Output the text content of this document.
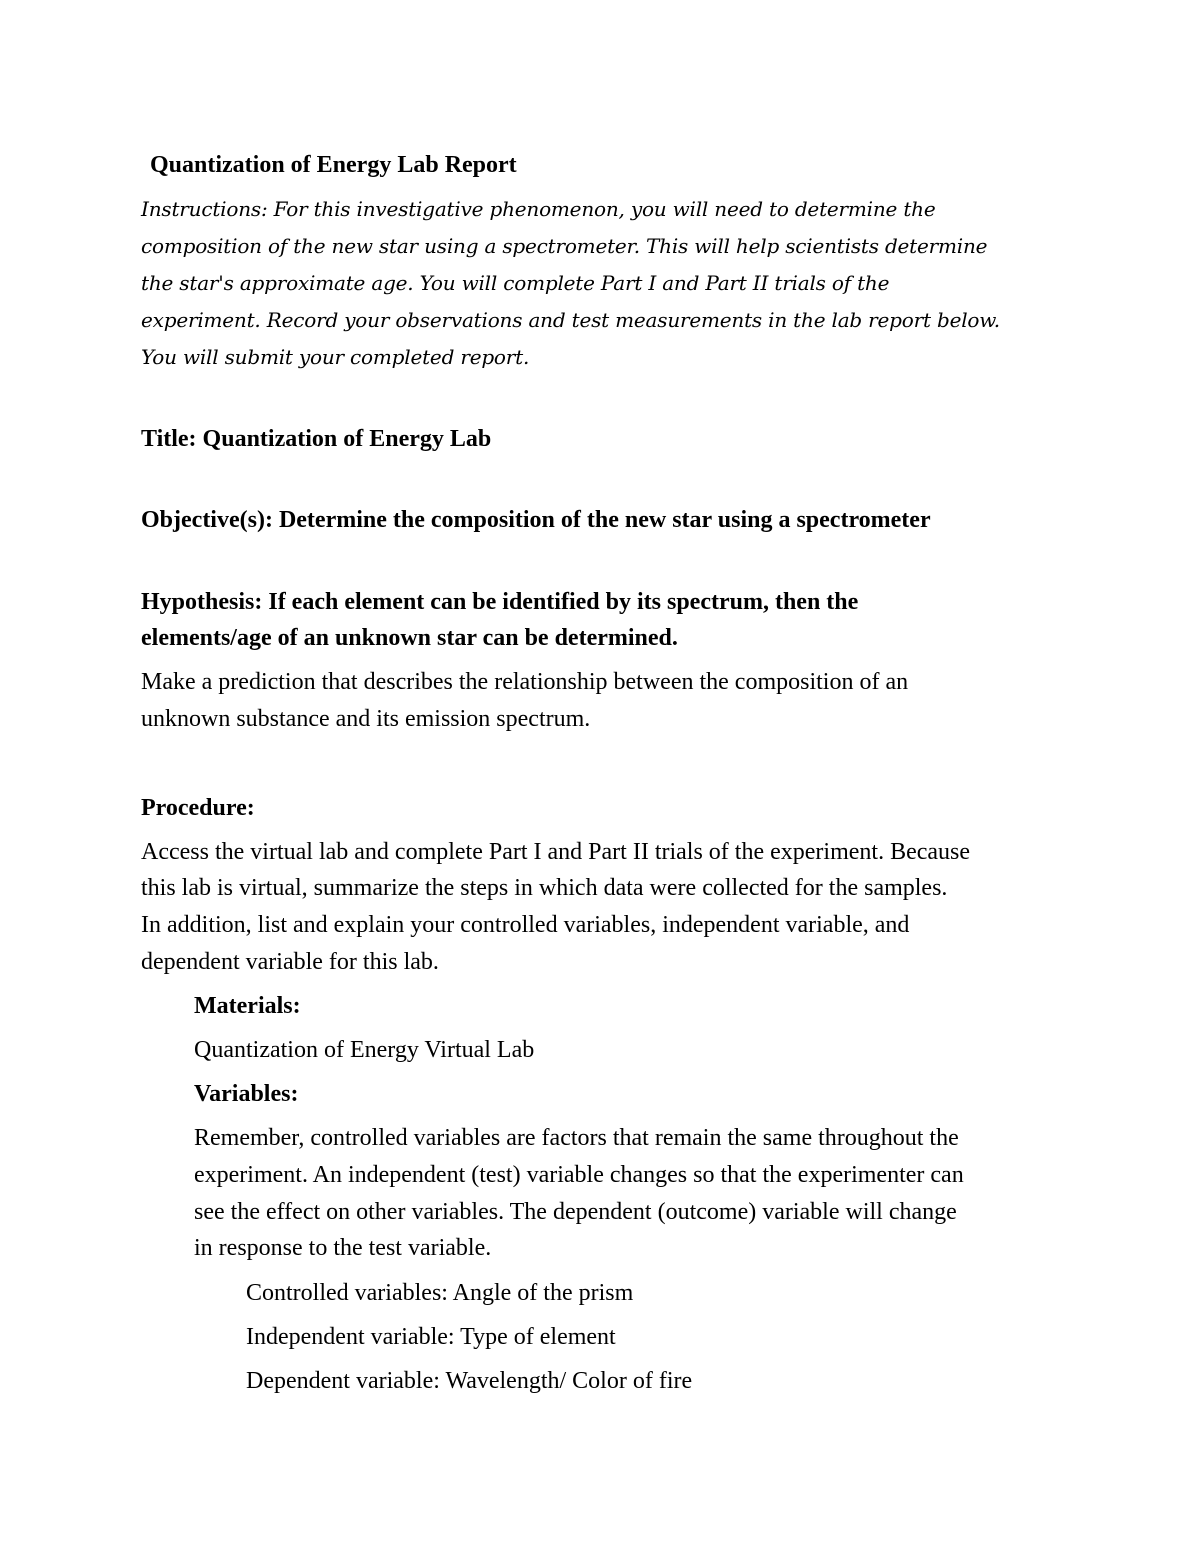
Quantization of Energy Lab Report
Instructions: For this investigative phenomenon, you will need to determine the
composition of the new star using a spectrometer. This will help scientists determine
the star's approximate age. You will complete Part I and Part II trials of the
experiment. Record your observations and test measurements in the lab report below.
You will submit your completed report.
Title: Quantization of Energy Lab
Objective(s): Determine the composition of the new star using a spectrometer
Hypothesis: If each element can be identified by its spectrum, then the
elements/age of an unknown star can be determined.
Make a prediction that describes the relationship between the composition of an
unknown substance and its emission spectrum.
Procedure:
Access the virtual lab and complete Part I and Part II trials of the experiment. Because
this lab is virtual, summarize the steps in which data were collected for the samples.
In addition, list and explain your controlled variables, independent variable, and
dependent variable for this lab.
Materials:
Quantization of Energy Virtual Lab
Variables:
Remember, controlled variables are factors that remain the same throughout the
experiment. An independent (test) variable changes so that the experimenter can
see the effect on other variables. The dependent (outcome) variable will change
in response to the test variable.
Controlled variables: Angle of the prism
Independent variable: Type of element
Dependent variable: Wavelength/ Color of fire
